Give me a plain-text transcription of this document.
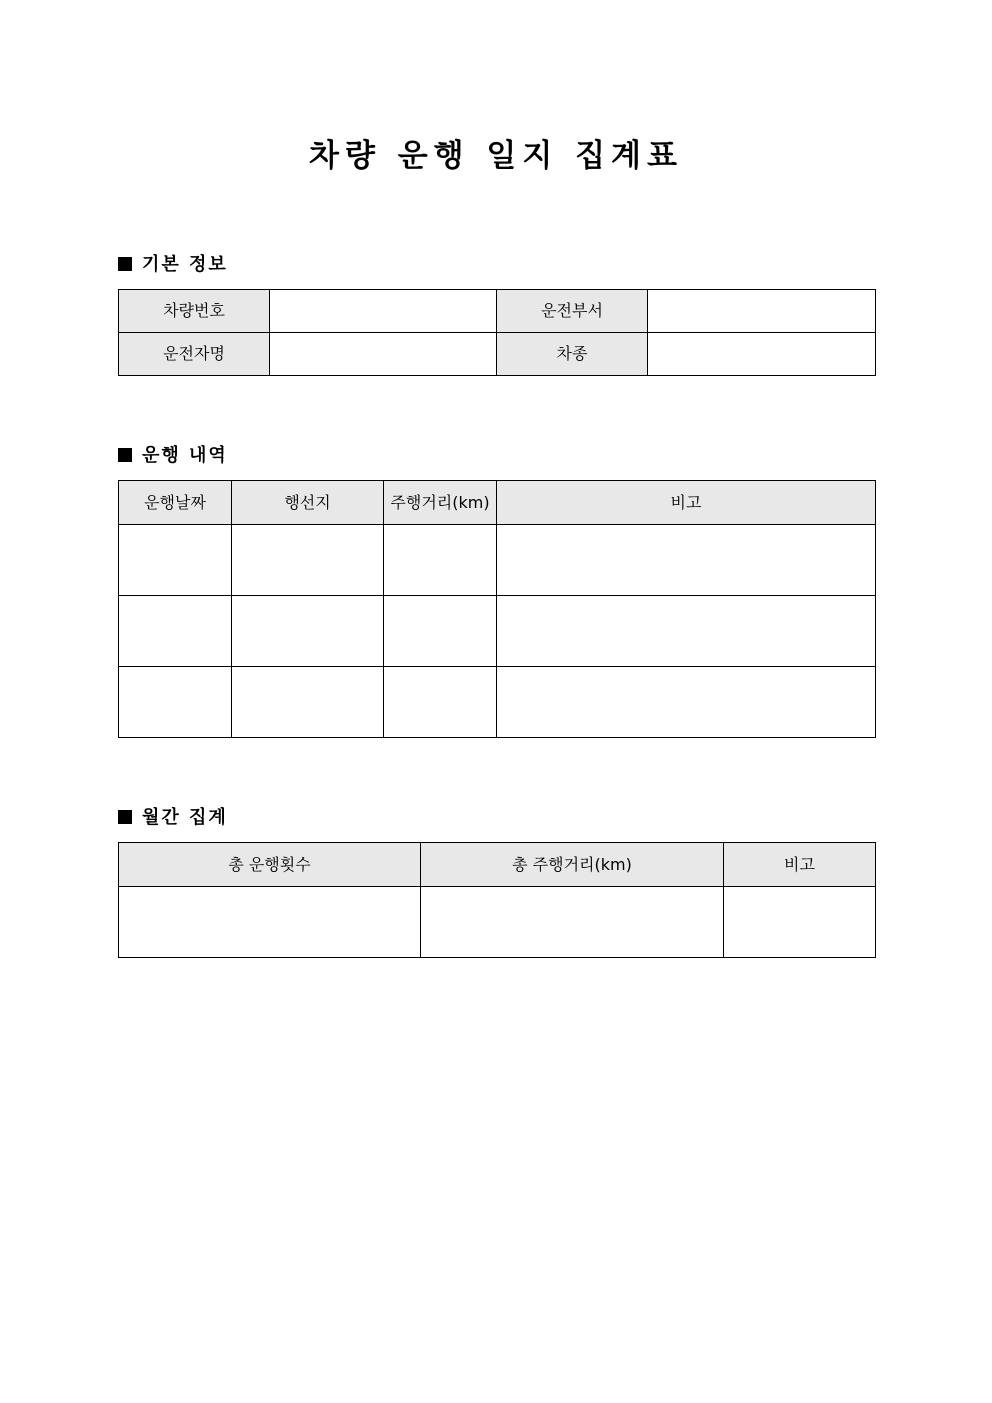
차량 운행 일지 집계표
기본 정보
차량번호		운전부서	
운전자명		차종	
운행 내역
운행날짜	행선지	주행거리(km)	비고

월간 집계
총 운행횟수	총 주행거리(km)	비고
